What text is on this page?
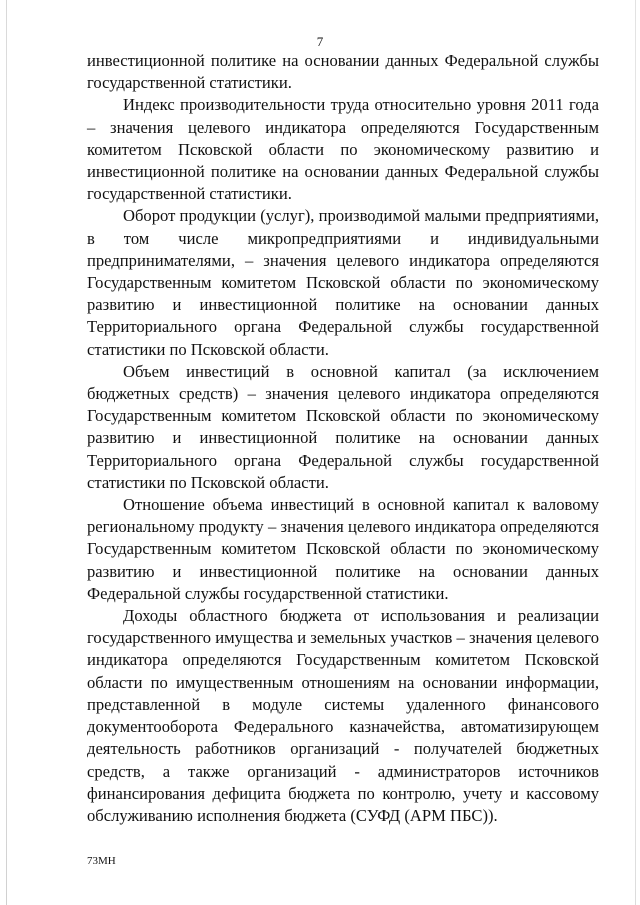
7

инвестиционной политике на основании данных Федеральной службы государственной статистики.

Индекс производительности труда относительно уровня 2011 года – значения целевого индикатора определяются Государственным комитетом Псковской области по экономическому развитию и инвестиционной политике на основании данных Федеральной службы государственной статистики.

Оборот продукции (услуг), производимой малыми предприятиями, в том числе микропредприятиями и индивидуальными предпринимателями, – значения целевого индикатора определяются Государственным комитетом Псковской области по экономическому развитию и инвестиционной политике на основании данных Территориального органа Федеральной службы государственной статистики по Псковской области.

Объем инвестиций в основной капитал (за исключением бюджетных средств) – значения целевого индикатора определяются Государственным комитетом Псковской области по экономическому развитию и инвестиционной политике на основании данных Территориального органа Федеральной службы государственной статистики по Псковской области.

Отношение объема инвестиций в основной капитал к валовому региональному продукту – значения целевого индикатора определяются Государственным комитетом Псковской области по экономическому развитию и инвестиционной политике на основании данных Федеральной службы государственной статистики.

Доходы областного бюджета от использования и реализации государственного имущества и земельных участков – значения целевого индикатора определяются Государственным комитетом Псковской области по имущественным отношениям на основании информации, представленной в модуле системы удаленного финансового документооборота Федерального казначейства, автоматизирующем деятельность работников организаций - получателей бюджетных средств, а также организаций - администраторов источников финансирования дефицита бюджета по контролю, учету и кассовому обслуживанию исполнения бюджета (СУФД (АРМ ПБС)).

73МН
